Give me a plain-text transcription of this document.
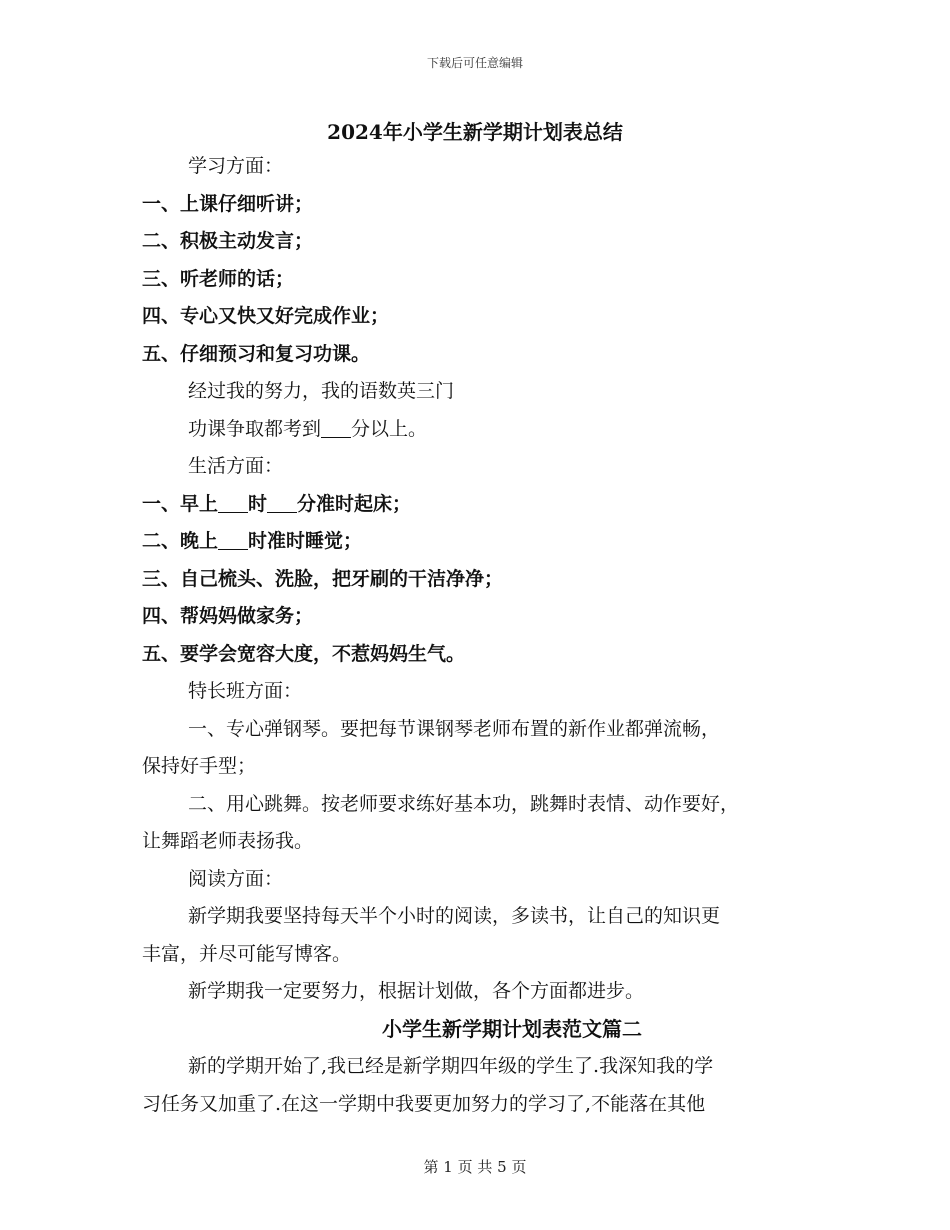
下载后可任意编辑
2024年小学生新学期计划表总结
学习方面：
一、上课仔细听讲；
二、积极主动发言；
三、听老师的话；
四、专心又快又好完成作业；
五、仔细预习和复习功课。
经过我的努力，我的语数英三门
功课争取都考到 分以上。
生活方面：
一、早上 时 分准时起床；
二、晚上 时准时睡觉；
三、自己梳头、洗脸，把牙刷的干洁净净；
四、帮妈妈做家务；
五、要学会宽容大度，不惹妈妈生气。
特长班方面：
一、专心弹钢琴。要把每节课钢琴老师布置的新作业都弹流畅，
保持好手型；
二、用心跳舞。按老师要求练好基本功，跳舞时表情、动作要好，
让舞蹈老师表扬我。
阅读方面：
新学期我要坚持每天半个小时的阅读，多读书，让自己的知识更
丰富，并尽可能写博客。
新学期我一定要努力，根据计划做，各个方面都进步。
小学生新学期计划表范文篇二
新的学期开始了,我已经是新学期四年级的学生了.我深知我的学
习任务又加重了.在这一学期中我要更加努力的学习了,不能落在其他
第 1 页 共 5 页
